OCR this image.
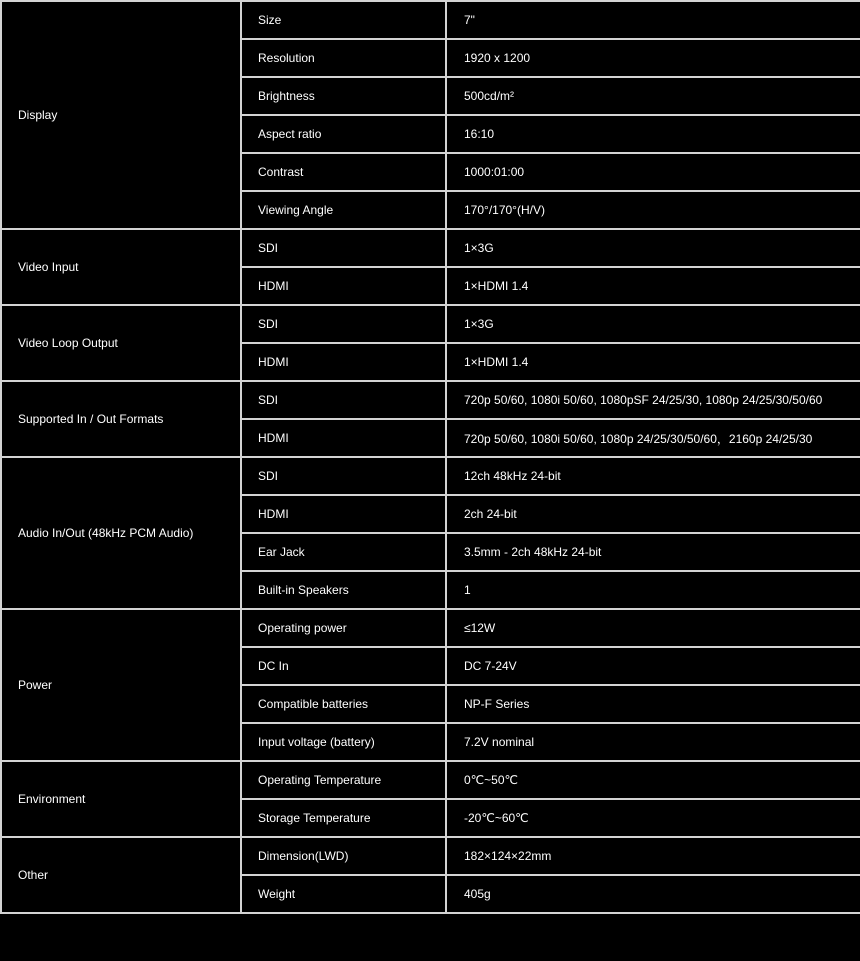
Display	Size	7"
	Resolution	1920 x 1200
	Brightness	500cd/m²
	Aspect ratio	16:10
	Contrast	1000:01:00
	Viewing Angle	170°/170°(H/V)
Video Input	SDI	1×3G
	HDMI	1×HDMI 1.4
Video Loop Output	SDI	1×3G
	HDMI	1×HDMI 1.4
Supported In / Out Formats	SDI	720p 50/60, 1080i 50/60, 1080pSF 24/25/30, 1080p 24/25/30/50/60
	HDMI	720p 50/60, 1080i 50/60, 1080p 24/25/30/50/60，2160p 24/25/30
Audio In/Out (48kHz PCM Audio)	SDI	12ch 48kHz 24-bit
	HDMI	2ch 24-bit
	Ear Jack	3.5mm - 2ch 48kHz 24-bit
	Built-in Speakers	1
Power	Operating power	≤12W
	DC In	DC 7-24V
	Compatible batteries	NP-F Series
	Input voltage (battery)	7.2V nominal
Environment	Operating Temperature	0℃~50℃
	Storage Temperature	-20℃~60℃
Other	Dimension(LWD)	182×124×22mm
	Weight	405g
